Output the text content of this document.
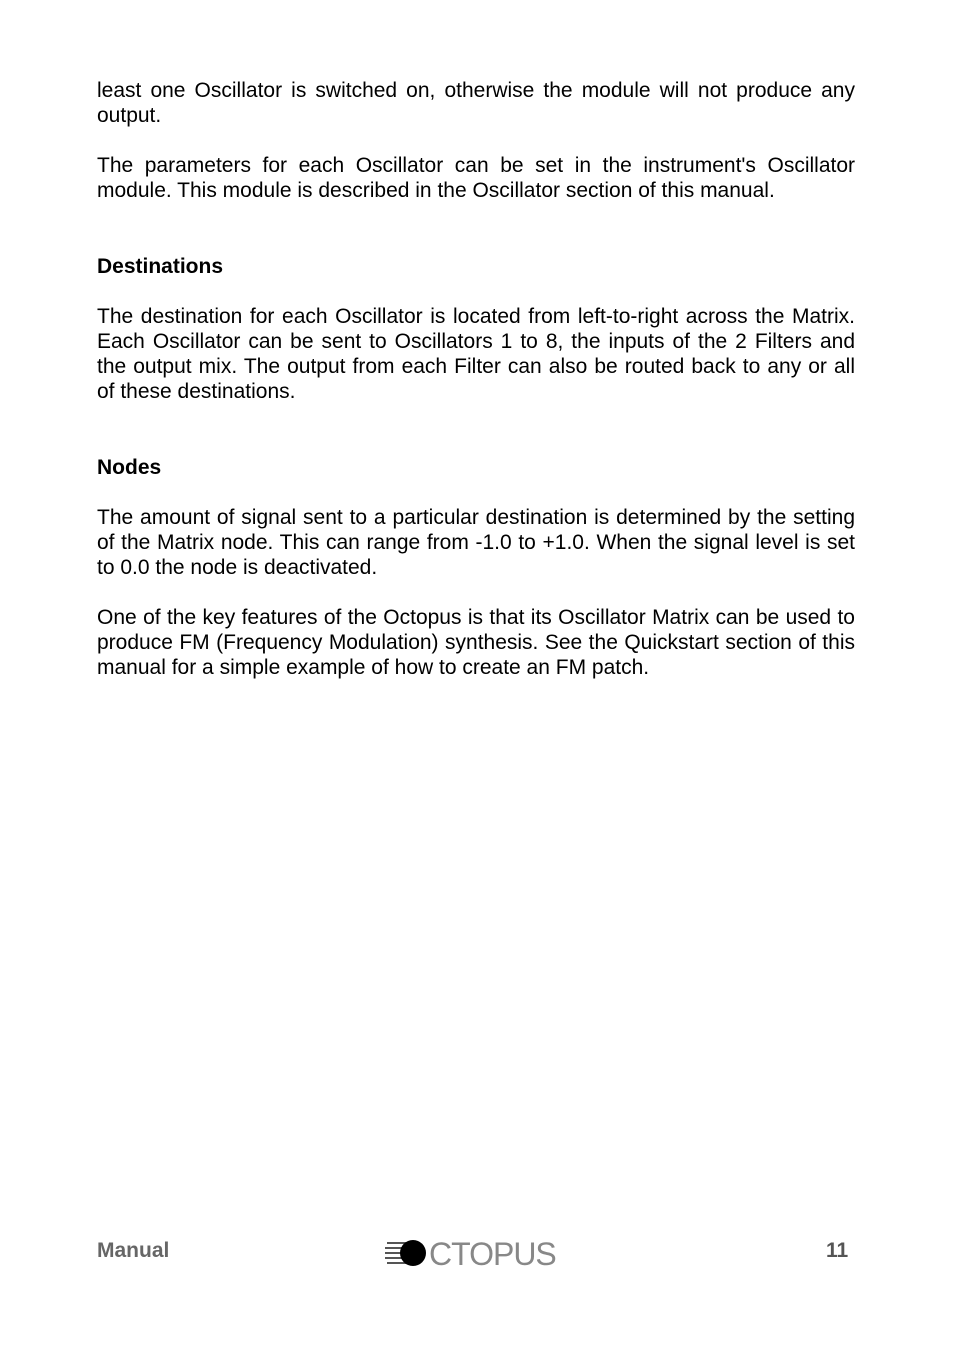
least one Oscillator is switched on, otherwise the module will not produce any output.

The parameters for each Oscillator can be set in the instrument's Oscillator module. This module is described in the Oscillator section of this manual.

Destinations

The destination for each Oscillator is located from left-to-right across the Matrix. Each Oscillator can be sent to Oscillators 1 to 8, the inputs of the 2 Filters and the output mix. The output from each Filter can also be routed back to any or all of these destinations.

Nodes

The amount of signal sent to a particular destination is determined by the setting of the Matrix node. This can range from -1.0 to +1.0. When the signal level is set to 0.0 the node is deactivated.

One of the key features of the Octopus is that its Oscillator Matrix can be used to produce FM (Frequency Modulation) synthesis. See the Quickstart section of this manual for a simple example of how to create an FM patch.

Manual	CTOPUS	11
